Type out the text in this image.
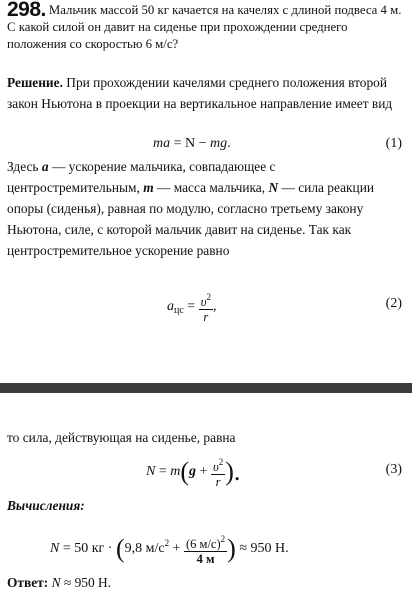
298. Мальчик массой 50 кг качается на качелях с длиной подвеса 4 м. С какой силой он давит на сиденье при прохождении среднего положения со скоростью 6 м/с?

Решение. При прохождении качелями среднего положения второй закон Ньютона в проекции на вертикальное направление имеет вид

ma = N − mg.	(1)

Здесь a — ускорение мальчика, совпадающее с центростремительным, m — масса мальчика, N — сила реакции опоры (сиденья), равная по модулю, согласно третьему закону Ньютона, силе, с которой мальчик давит на сиденье. Так как центростремительное ускорение равно

$a_{цс} = \frac{\upsilon^2}{r}$ ,	(2)

то сила, действующая на сиденье, равна

$N = m(g + \frac{\upsilon^2}{r}$ ).	(3)
Вычисления:
N = 50 кг · (9,8 $м/с^2 + \frac{(6 м/с)^2}{4 м}$ ) ≈ 950 Н.
Ответ: N ≈ 950 Н.
